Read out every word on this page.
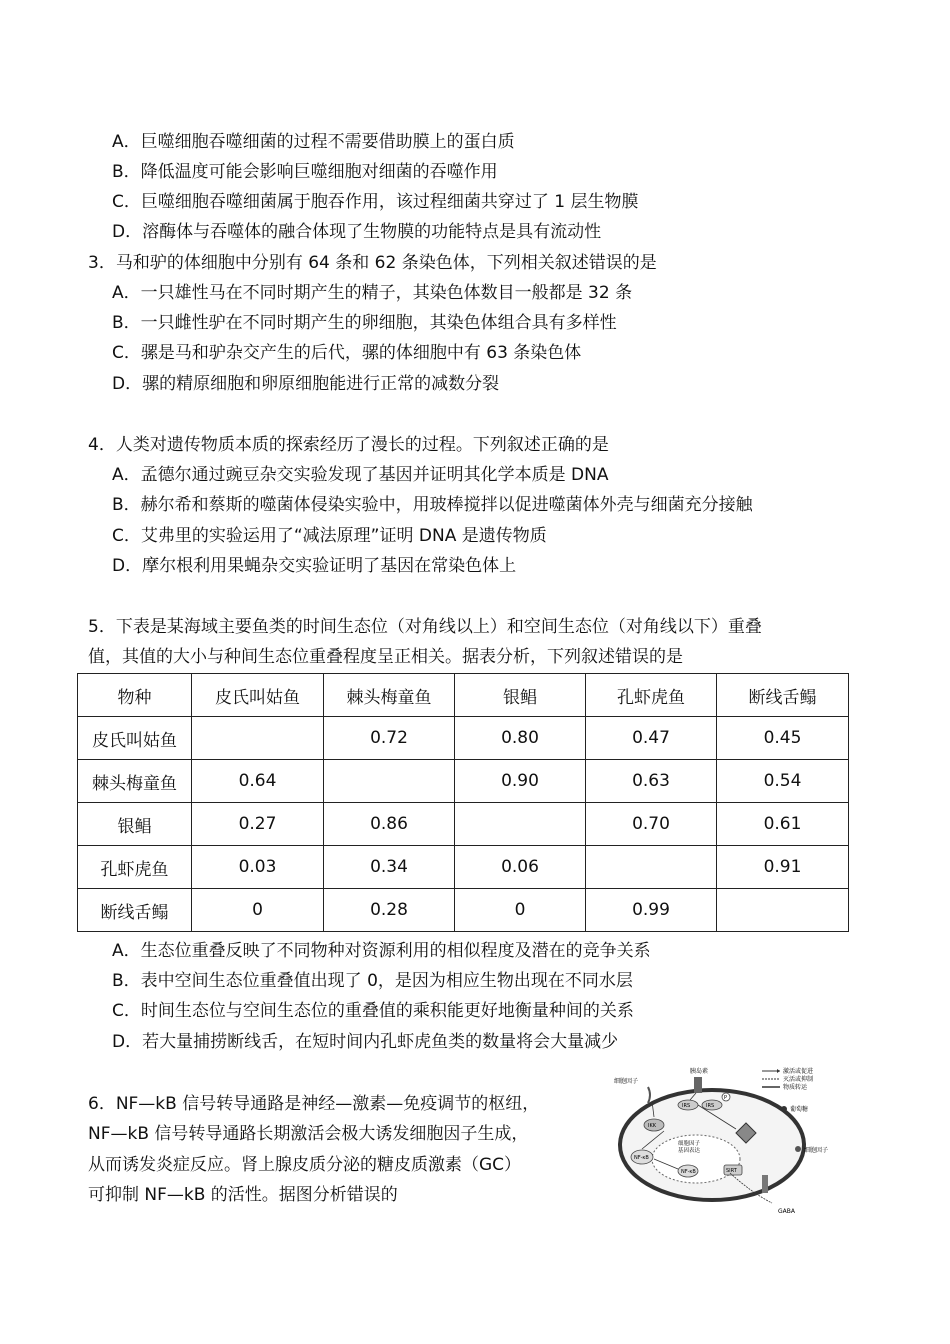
A．巨噬细胞吞噬细菌的过程不需要借助膜上的蛋白质
B．降低温度可能会影响巨噬细胞对细菌的吞噬作用
C．巨噬细胞吞噬细菌属于胞吞作用，该过程细菌共穿过了 1 层生物膜
D．溶酶体与吞噬体的融合体现了生物膜的功能特点是具有流动性
3．马和驴的体细胞中分别有 64 条和 62 条染色体，下列相关叙述错误的是
A．一只雄性马在不同时期产生的精子，其染色体数目一般都是 32 条
B．一只雌性驴在不同时期产生的卵细胞，其染色体组合具有多样性
C．骡是马和驴杂交产生的后代，骡的体细胞中有 63 条染色体
D．骡的精原细胞和卵原细胞能进行正常的减数分裂
4．人类对遗传物质本质的探索经历了漫长的过程。下列叙述正确的是
A．孟德尔通过豌豆杂交实验发现了基因并证明其化学本质是 DNA
B．赫尔希和蔡斯的噬菌体侵染实验中，用玻棒搅拌以促进噬菌体外壳与细菌充分接触
C．艾弗里的实验运用了“减法原理”证明 DNA 是遗传物质
D．摩尔根利用果蝇杂交实验证明了基因在常染色体上
5．下表是某海域主要鱼类的时间生态位（对角线以上）和空间生态位（对角线以下）重叠
值，其值的大小与种间生态位重叠程度呈正相关。据表分析，下列叙述错误的是
物种	皮氏叫姑鱼	棘头梅童鱼	银鲳	孔虾虎鱼	断线舌鳎
皮氏叫姑鱼		0.72	0.80	0.47	0.45
棘头梅童鱼	0.64		0.90	0.63	0.54
银鲳	0.27	0.86		0.70	0.61
孔虾虎鱼	0.03	0.34	0.06		0.91
断线舌鳎	0	0.28	0	0.99	
A．生态位重叠反映了不同物种对资源利用的相似程度及潜在的竞争关系
B．表中空间生态位重叠值出现了 0，是因为相应生物出现在不同水层
C．时间生态位与空间生态位的重叠值的乘积能更好地衡量种间的关系
D．若大量捕捞断线舌，在短时间内孔虾虎鱼类的数量将会大量减少
6．NF—kB 信号转导通路是神经—激素—免疫调节的枢纽，
NF—kB 信号转导通路长期激活会极大诱发细胞因子生成，
从而诱发炎症反应。肾上腺皮质分泌的糖皮质激素（GC）
可抑制 NF—kB 的活性。据图分析错误的
激活或促进
灭活或抑制
物质转运
细胞因子
胰岛素
IRS	IRS
P
IKK
NF-κB
NF-κB
细胞因子基因表达
葡萄糖
细胞因子
SIRT
GABA
